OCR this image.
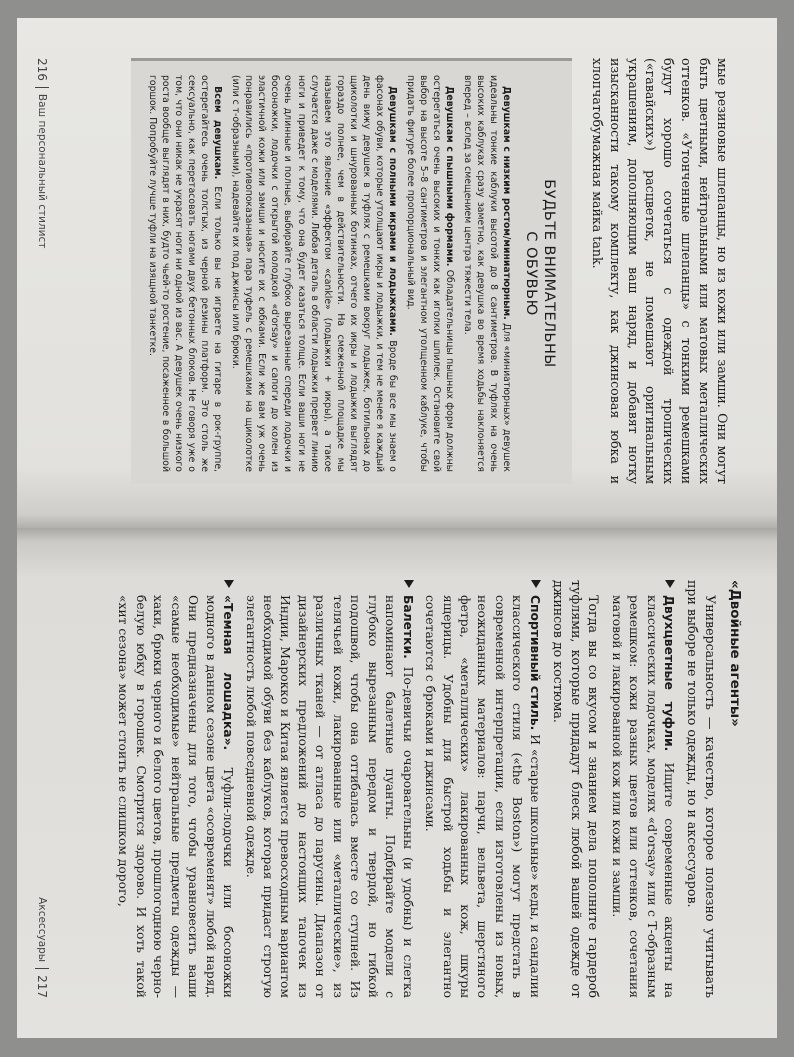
мые резиновые шлепанцы, но из кожи или замши. Они могут быть цветными, нейтральными или матовых металлических оттенков. «Утонченные шлепанцы» с тонкими ремешками будут хорошо сочетаться с одеждой тропических («гавайских») расцветок, не помешают оригинальным украшениям, дополняющим ваш наряд, и добавят нотку изысканности такому комплекту, как джинсовая юбка и хлопчатобумажная майка tank.

БУДЬТЕ ВНИМАТЕЛЬНЫ
С ОБУВЬЮ

Девушкам с низким ростом/миниатюрным. Для «миниатюрных» девушек идеальны тонкие каблуки высотой до 8 сантиметров. В туфлях на очень высоких каблуках сразу заметно, как девушка во время ходьбы наклоняется вперед – вслед за смещением центра тяжести тела.

Девушкам с пышными формами. Обладательницы пышных форм должны остерегаться очень высоких и тонких как иголки шпилек. Остановите свой выбор на высоте 5–8 сантиметров и элегантном утолщенном каблуке, чтобы придать фигуре более пропорциональный вид.

Девушкам с полными икрами и лодыжками. Вроде бы все мы знаем о фасонах обуви, которые утолщают икры и лодыжки, и тем не менее я каждый день вижу девушек в туфлях с ремешками вокруг лодыжек, ботильонах до щиколотки и шнурованных ботинках, отчего их икры и лодыжки выглядят гораздо полнее, чем в действительности. На смеженной площадке мы называем это явление «эффектом «cankle» (лодыжки + икры), а такое случается даже с моделями. Любая деталь в области лодыжки прервет линию ноги и приведет к тому, что она будет казаться толще. Если ваши ноги не очень длинные и полные, выбирайте глубоко вырезанные спереди лодочки и босоножки, лодочки с открытой колодкой «d'orsay» и сапоги до колен из эластичной кожи или замши и носите их с юбками. Если же вам уж очень понравились «противопоказанная» пара туфель с ремешками на щиколотке (или с т-образными), надевайте их под джинсы или брюки.

Всем девушкам. Если только вы не играете на гитаре в рок-группе, остерегайтесь очень толстых, из черной резины платформ. Это столь же сексуально, как перетасовать ногами двух бетонных блоков. Не говоря уже о том, что они никак не украсят ноги ни одной из вас. А девушек очень низкого роста вообще выглядят в них, будто чьей-то ростение, посаженное в большой горшок. Попробуйте лучше туфли на изящной танкетке.

216
Ваш персональный стилист
«Двойные агенты»

Универсальность — качество, которое полезно учитывать при выборе не только одежды, но и аксессуаров.

Двухцветные туфли. Ищите современные акценты на классических лодочках, моделях «d'orsay» или с Т-образным ремешком: кожи разных цветов или оттенков, сочетания матовой и лакированной кож или кожи и замши.

Тогда вы со вкусом и знанием дела пополните гардероб туфлями, которые придадут блеск любой вашей одежде от джинсов до костюма.

Спортивный стиль. И «старые школьные» кеды, и сандалии классического стиля («the Boston») могут предстать в современной интерпретации, если изготовлены из новых, неожиданных материалов: парчи, вельвета, шерстяного фетра, «металлических» лакированных кож, шкуры ящерицы. Удобны для быстрой ходьбы и элегантно сочетаются с брюками и джинсами.
Балетки. По-девичьи очаровательны (и удобны) и слегка напоминают балетные пуанты. Подбирайте модели с глубоко вырезанным передом и твердой, но гибкой подошвой, чтобы она отгибалась вместе со ступней. Из телячьей кожи, лакированные или «металлические», из различных тканей — от атласа до парусины. Диапазон от дизайнерских предложений до настоящих тапочек из Индии, Марокко и Китая является превосходным вариантом необходимой обуви без каблуков, которая придаст строгую элегантность любой повседневной одежде.
«Темная лошадка». Туфли-лодочки или босоножки модного в данном сезоне цвета «осовременят» любой наряд. Они предназначены для того, чтобы уравновесить ваши «самые необходимые» нейтральные предметы одежды — хаки, брюки черного и белого цветов, прошлогоднюю черно-белую юбку в горошек. Смотрится здорово. И хоть такой «хит сезона» может стоить не слишком дорого,
Аксессуары
217
